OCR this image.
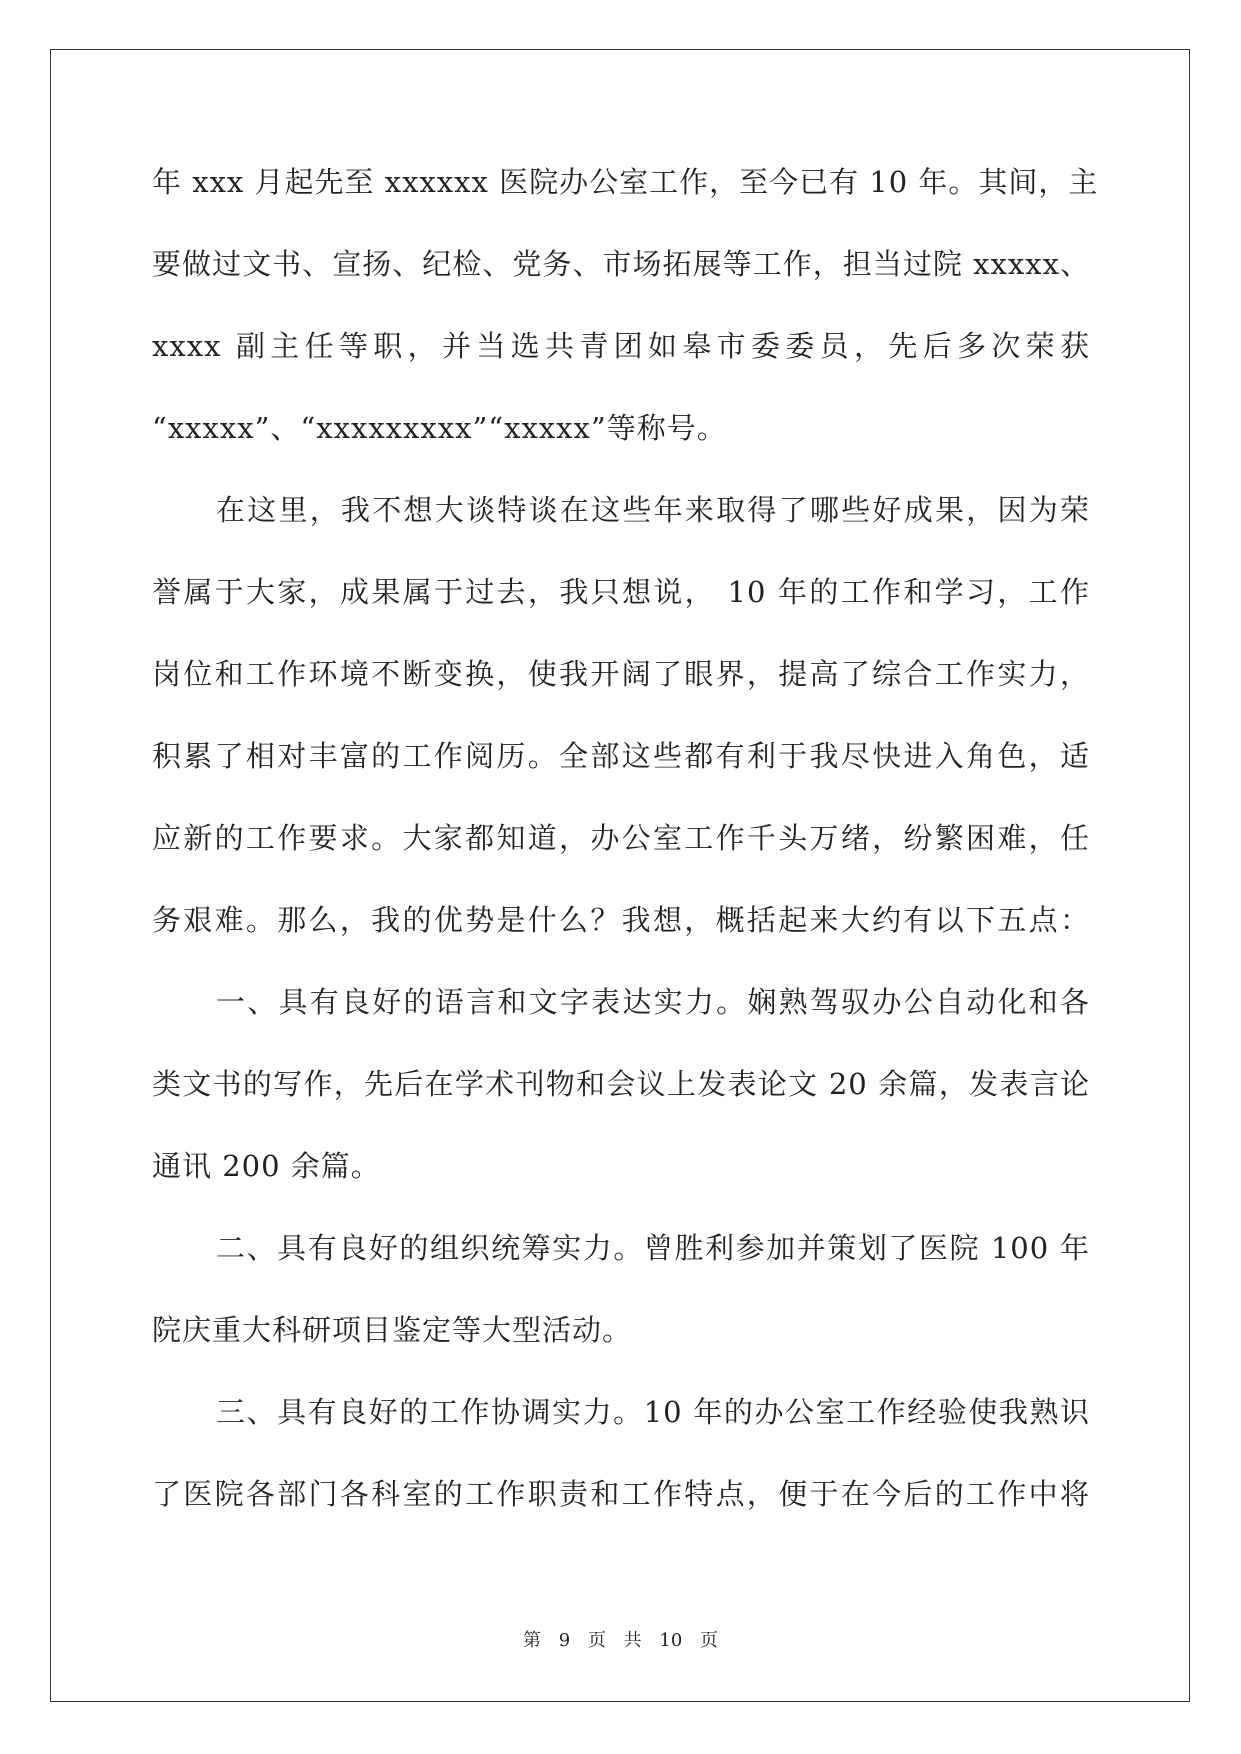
年 xxx 月起先至 xxxxxx 医院办公室工作，至今已有 10 年。其间，主
要做过文书、宣扬、纪检、党务、市场拓展等工作，担当过院 xxxxx、
xxxx 副主任等职，并当选共青团如皋市委委员，先后多次荣获
“xxxxx”、“xxxxxxxxx”“xxxxx”等称号。
在这里，我不想大谈特谈在这些年来取得了哪些好成果，因为荣
誉属于大家，成果属于过去，我只想说， 10 年的工作和学习，工作
岗位和工作环境不断变换，使我开阔了眼界，提高了综合工作实力，
积累了相对丰富的工作阅历。全部这些都有利于我尽快进入角色，适
应新的工作要求。大家都知道，办公室工作千头万绪，纷繁困难，任
务艰难。那么，我的优势是什么？我想，概括起来大约有以下五点：
一、具有良好的语言和文字表达实力。娴熟驾驭办公自动化和各
类文书的写作，先后在学术刊物和会议上发表论文 20 余篇，发表言论
通讯 200 余篇。
二、具有良好的组织统筹实力。曾胜利参加并策划了医院 100 年
院庆重大科研项目鉴定等大型活动。
三、具有良好的工作协调实力。10 年的办公室工作经验使我熟识
了医院各部门各科室的工作职责和工作特点，便于在今后的工作中将
第 9 页 共 10 页
